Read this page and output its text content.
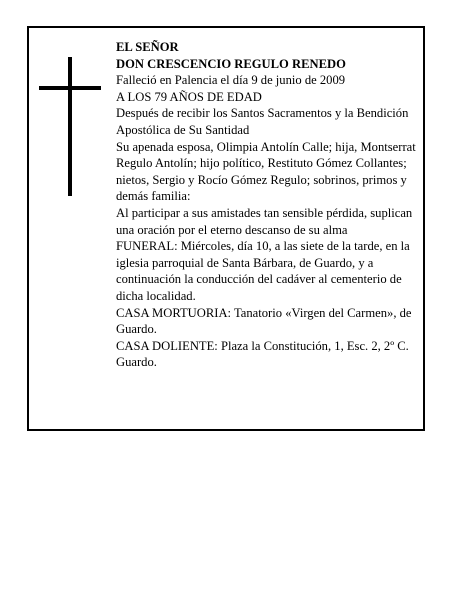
EL SEÑOR

DON CRESCENCIO REGULO RENEDO

Falleció en Palencia el día 9 de junio de 2009

A LOS 79 AÑOS DE EDAD

Después de recibir los Santos Sacramentos y la Bendición Apostólica de Su Santidad

Su apenada esposa, Olimpia Antolín Calle; hija, Montserrat Regulo Antolín; hijo político, Restituto Gómez Collantes; nietos, Sergio y Rocío Gómez Regulo; sobrinos, primos y demás familia:

Al participar a sus amistades tan sensible pérdida, suplican una oración por el eterno descanso de su alma

FUNERAL: Miércoles, día 10, a las siete de la tarde, en la iglesia parroquial de Santa Bárbara, de Guardo, y a continuación la conducción del cadáver al cementerio de dicha localidad.

CASA MORTUORIA: Tanatorio «Virgen del Carmen», de Guardo.

CASA DOLIENTE: Plaza la Constitución, 1, Esc. 2, 2º C. Guardo.
